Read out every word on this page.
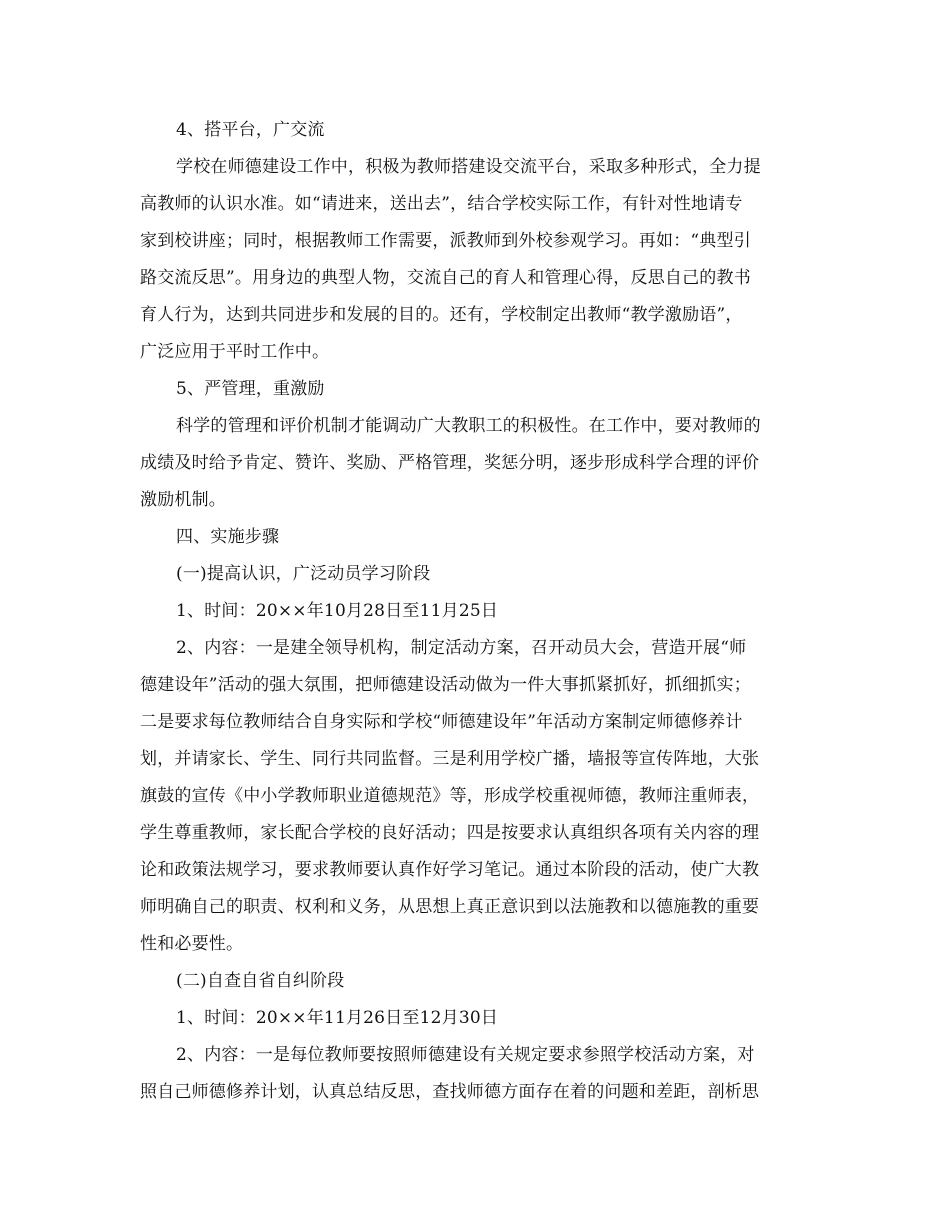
4、搭平台，广交流
学校在师德建设工作中，积极为教师搭建设交流平台，采取多种形式，全力提
高教师的认识水准。如“请进来，送出去”，结合学校实际工作，有针对性地请专
家到校讲座；同时，根据教师工作需要，派教师到外校参观学习。再如：“典型引
路交流反思”。用身边的典型人物，交流自己的育人和管理心得，反思自己的教书
育人行为，达到共同进步和发展的目的。还有，学校制定出教师“教学激励语”，
广泛应用于平时工作中。
5、严管理，重激励
科学的管理和评价机制才能调动广大教职工的积极性。在工作中，要对教师的
成绩及时给予肯定、赞许、奖励、严格管理，奖惩分明，逐步形成科学合理的评价
激励机制。
四、实施步骤
(一)提高认识，广泛动员学习阶段
1、时间：20××年10月28日至11月25日
2、内容：一是建全领导机构，制定活动方案，召开动员大会，营造开展“师
德建设年”活动的强大氛围，把师德建设活动做为一件大事抓紧抓好，抓细抓实；
二是要求每位教师结合自身实际和学校“师德建设年”年活动方案制定师德修养计
划，并请家长、学生、同行共同监督。三是利用学校广播，墙报等宣传阵地，大张
旗鼓的宣传《中小学教师职业道德规范》等，形成学校重视师德，教师注重师表，
学生尊重教师，家长配合学校的良好活动；四是按要求认真组织各项有关内容的理
论和政策法规学习，要求教师要认真作好学习笔记。通过本阶段的活动，使广大教
师明确自己的职责、权利和义务，从思想上真正意识到以法施教和以德施教的重要
性和必要性。
(二)自查自省自纠阶段
1、时间：20××年11月26日至12月30日
2、内容：一是每位教师要按照师德建设有关规定要求参照学校活动方案，对
照自己师德修养计划，认真总结反思，查找师德方面存在着的问题和差距，剖析思
